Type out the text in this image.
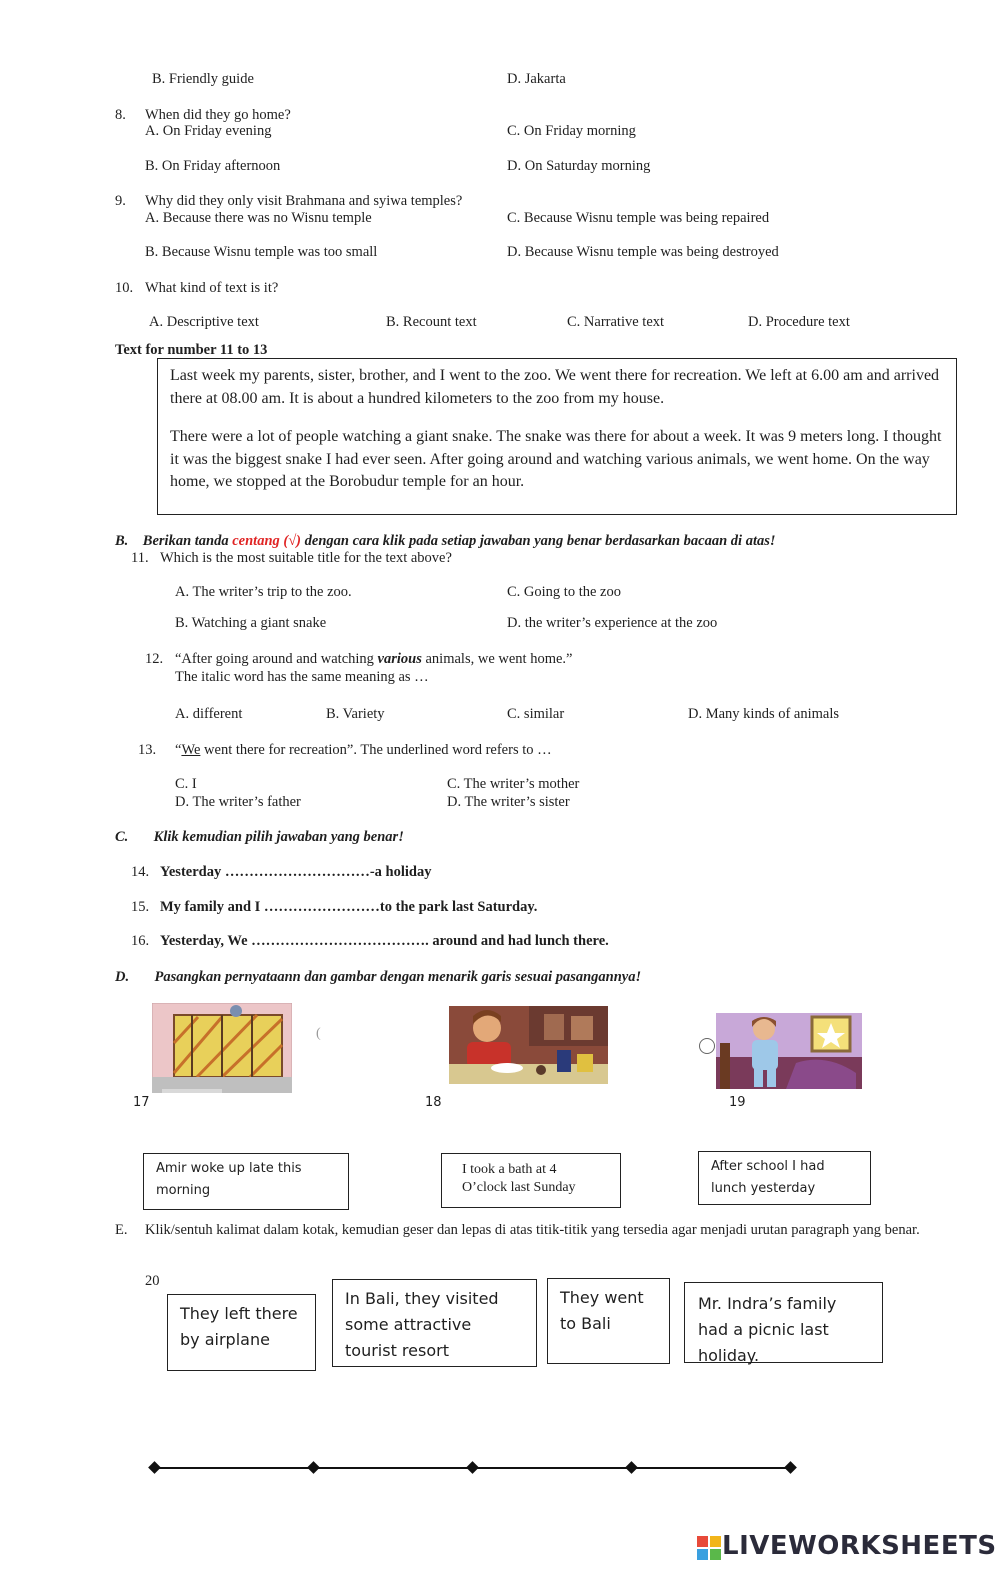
B. Friendly guide	D. Jakarta
8. When did they go home?
A. On Friday evening	C. On Friday morning
B. On Friday afternoon	D. On Saturday morning
9. Why did they only visit Brahmana and syiwa temples?
A. Because there was no Wisnu temple	C. Because Wisnu temple was being repaired
B. Because Wisnu temple was too small	D. Because Wisnu temple was being destroyed
10. What kind of text is it?
A. Descriptive text	B. Recount text	C. Narrative text	D. Procedure text
Text for number 11 to 13

Last week my parents, sister, brother, and I went to the zoo. We went there for recreation. We left at 6.00 am and arrived there at 08.00 am. It is about a hundred kilometers to the zoo from my house.

There were a lot of people watching a giant snake. The snake was there for about a week. It was 9 meters long. I thought it was the biggest snake I had ever seen. After going around and watching various animals, we went home. On the way home, we stopped at the Borobudur temple for an hour.

B. Berikan tanda centang (√) dengan cara klik pada setiap jawaban yang benar berdasarkan bacaan di atas!
11. Which is the most suitable title for the text above?
A. The writer’s trip to the zoo.	C. Going to the zoo
B. Watching a giant snake	D. the writer’s experience at the zoo
12. “After going around and watching various animals, we went home.”
The italic word has the same meaning as …
A. different	B. Variety	C. similar	D. Many kinds of animals
13. “We went there for recreation”. The underlined word refers to …
C. I	C. The writer’s mother
D. The writer’s father	D. The writer’s sister
C. Klik kemudian pilih jawaban yang benar!
14. Yesterday …………………………-a holiday
15. My family and I ……………………to the park last Saturday.
16. Yesterday, We ………………………………. around and had lunch there.
D. Pasangkan pernyataann dan gambar dengan menarik garis sesuai pasangannya!
(
17	18	19
Amir woke up late this morning
I took a bath at 4 O’clock last Sunday
After school I had lunch yesterday
E. Klik/sentuh kalimat dalam kotak, kemudian geser dan lepas di atas titik-titik yang tersedia agar menjadi urutan paragraph yang benar.
20
They left there by airplane
In Bali, they visited some attractive tourist resort
They went to Bali
Mr. Indra’s family had a picnic last holiday.
LIVEWORKSHEETS
